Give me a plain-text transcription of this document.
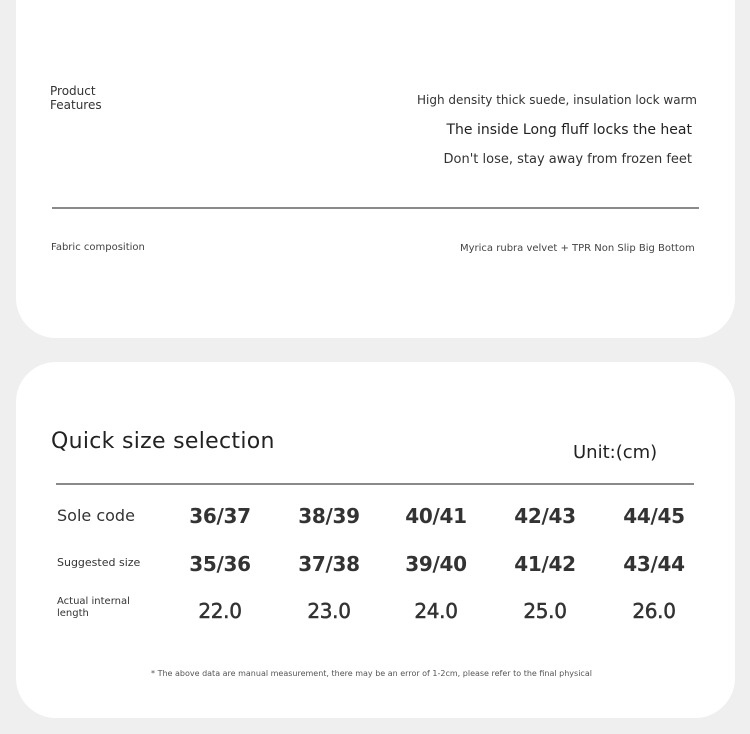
Product Features	High density thick suede, insulation lock warm
The inside Long fluff locks the heat
Don't lose, stay away from frozen feet
Fabric composition	Myrica rubra velvet + TPR Non Slip Big Bottom
Quick size selection	Unit:(cm)
Sole code	36/37	38/39	40/41	42/43	44/45
Suggested size	35/36	37/38	39/40	41/42	43/44
Actual internal length	22.0	23.0	24.0	25.0	26.0
* The above data are manual measurement, there may be an error of 1-2cm, please refer to the final physical
